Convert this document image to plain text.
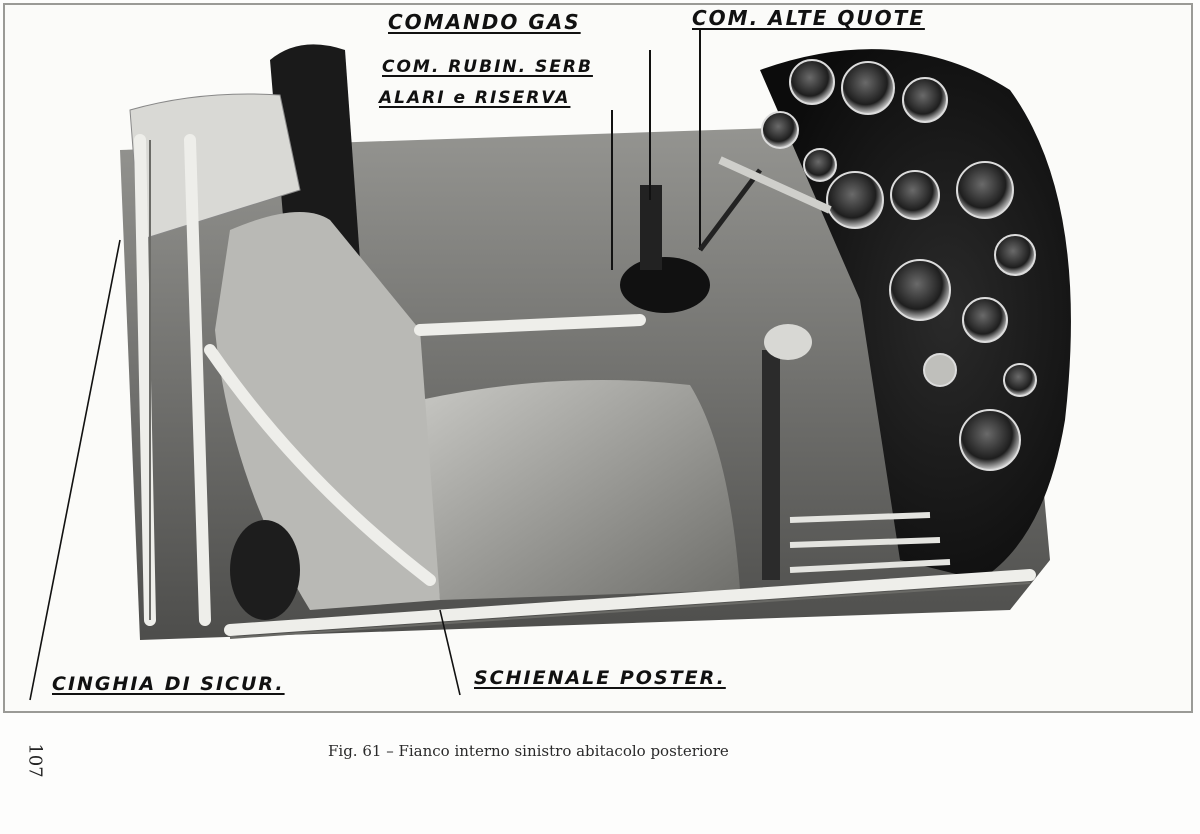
COMANDO GAS	COM. ALTE QUOTE
COM. RUBIN. SERB
ALARI e RISERVA
CINGHIA DI SICUR.	SCHIENALE POSTER.
Fig. 61 – Fianco interno sinistro abitacolo posteriore
107
